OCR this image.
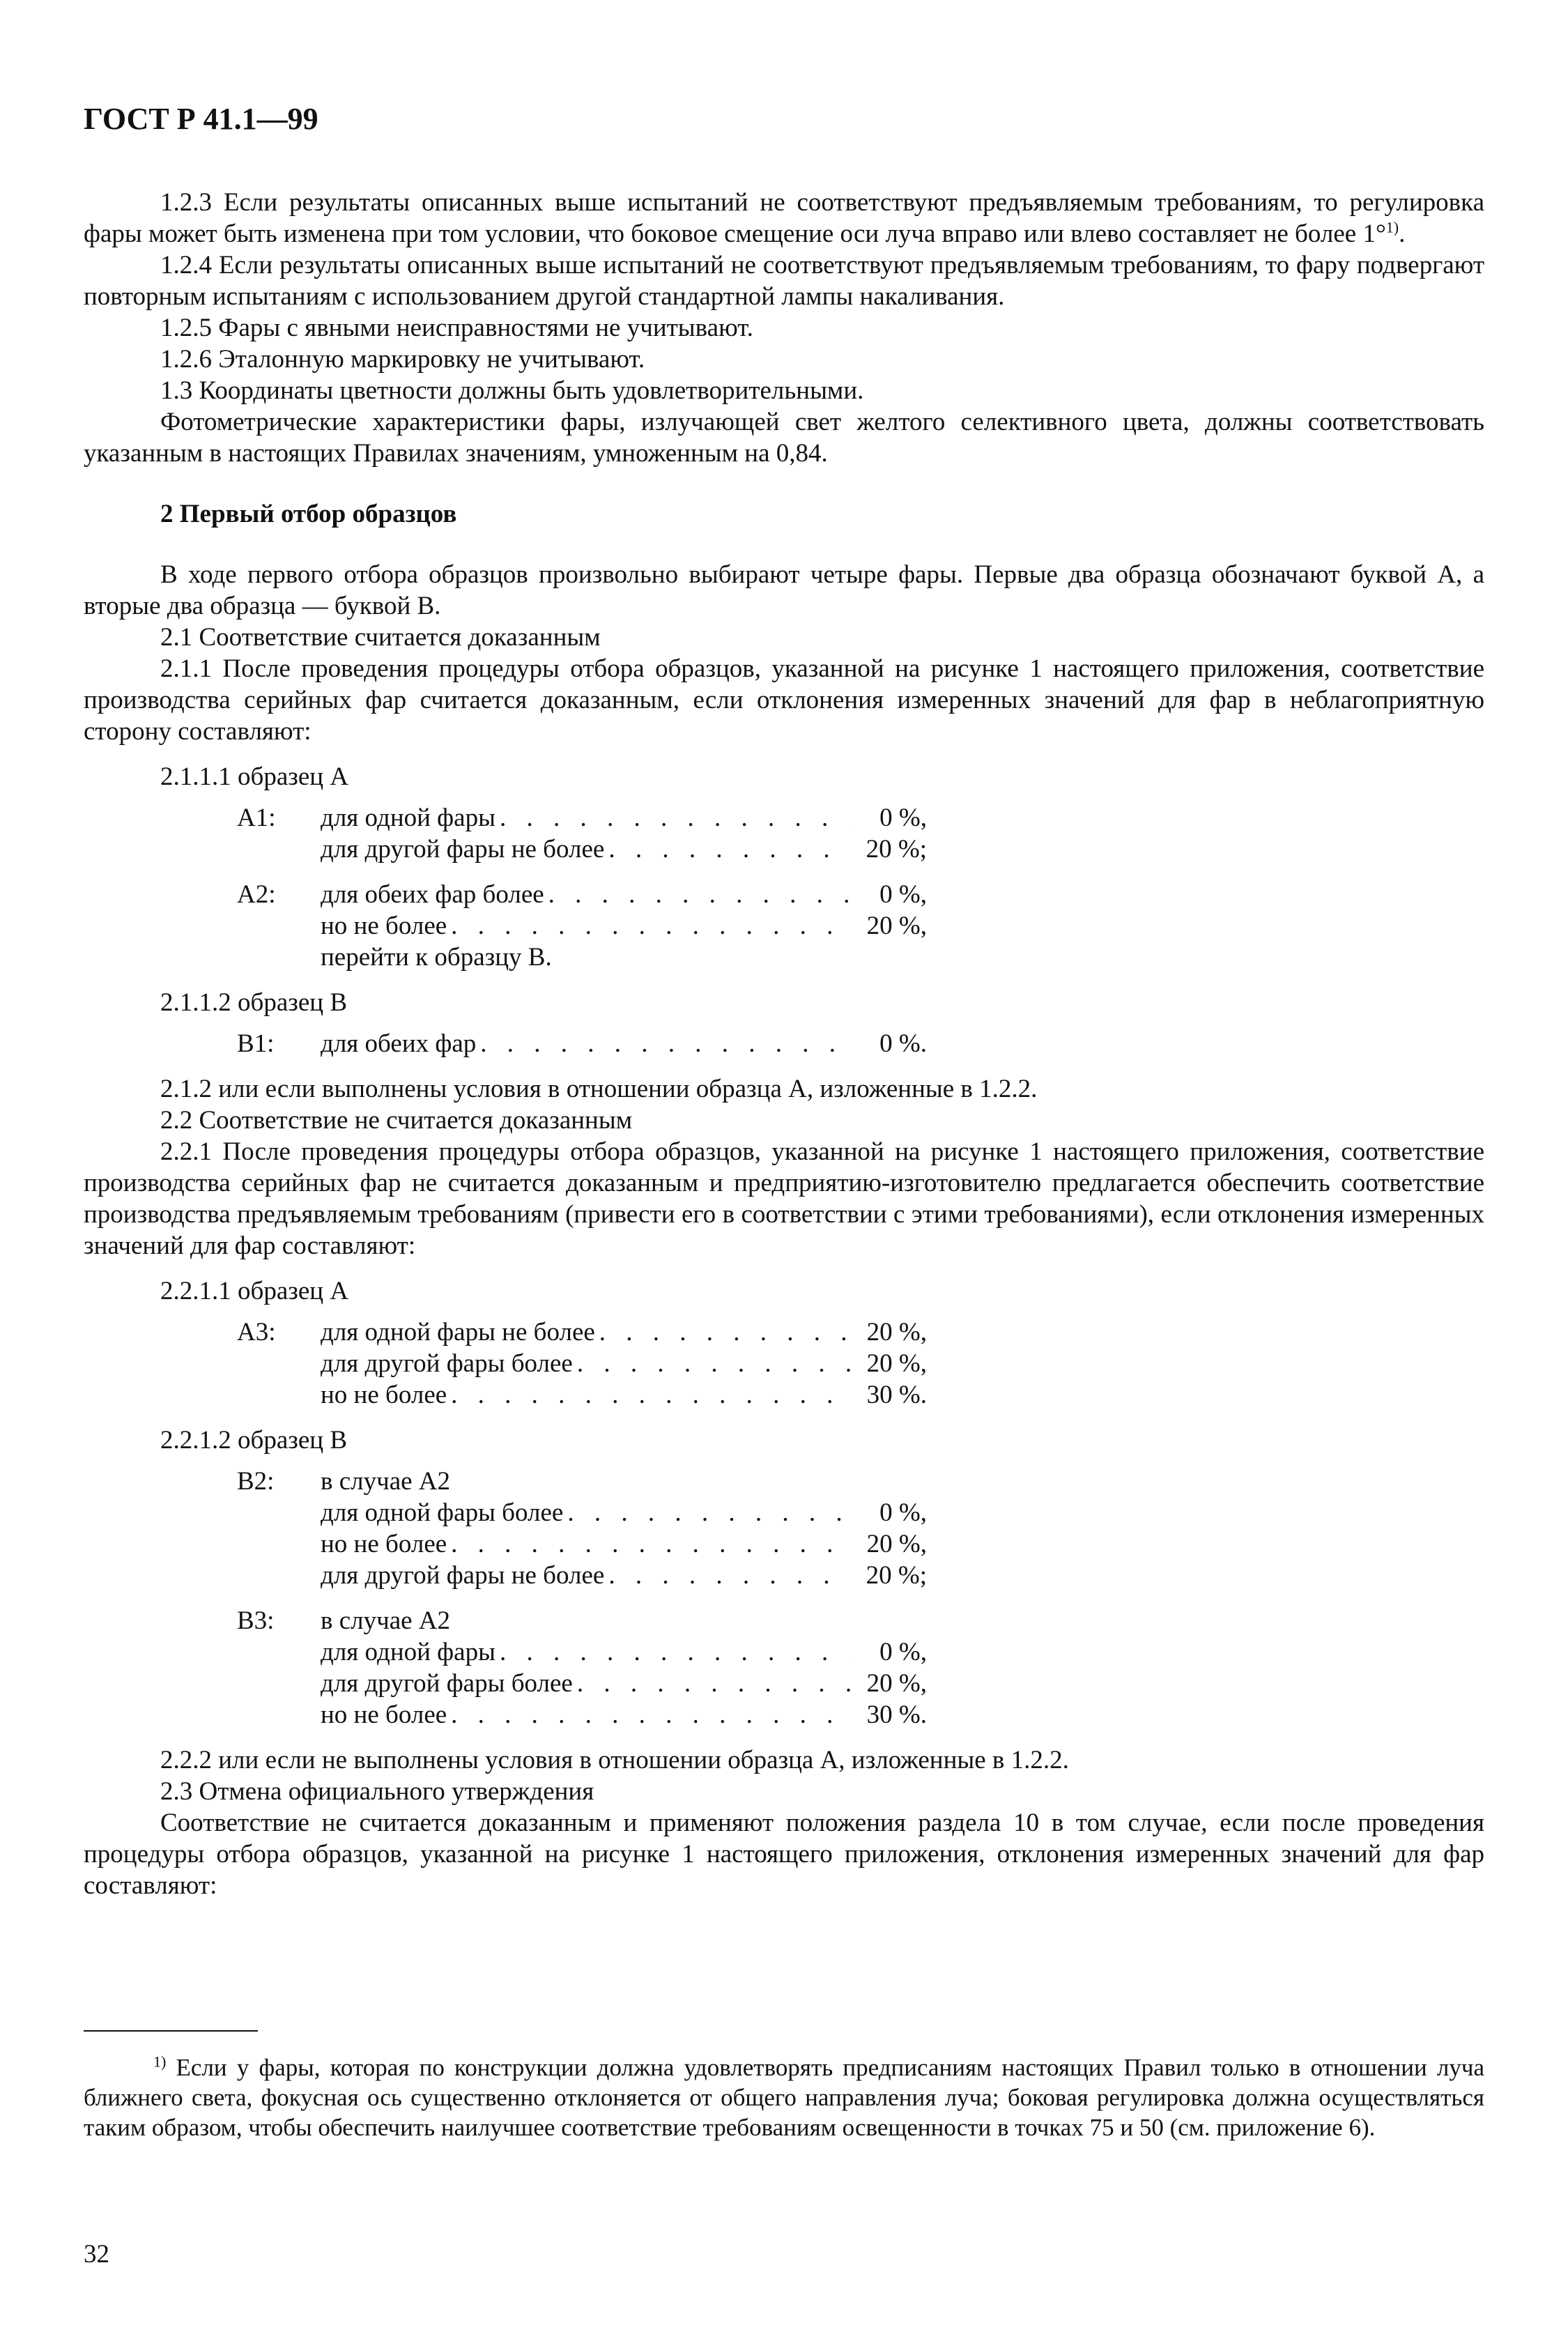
ГОСТ Р 41.1—99

1.2.3 Если результаты описанных выше испытаний не соответствуют предъявляемым требованиям, то регулировка фары может быть изменена при том условии, что боковое смещение оси луча вправо или влево составляет не более 1°$^{1)}$.

1.2.4 Если результаты описанных выше испытаний не соответствуют предъявляемым требованиям, то фару подвергают повторным испытаниям с использованием другой стандартной лампы накаливания.

1.2.5 Фары с явными неисправностями не учитывают.

1.2.6 Эталонную маркировку не учитывают.

1.3 Координаты цветности должны быть удовлетворительными.

Фотометрические характеристики фары, излучающей свет желтого селективного цвета, должны соответствовать указанным в настоящих Правилах значениям, умноженным на 0,84.

2 Первый отбор образцов

В ходе первого отбора образцов произвольно выбирают четыре фары. Первые два образца обозначают буквой А, а вторые два образца — буквой В.

2.1 Соответствие считается доказанным

2.1.1 После проведения процедуры отбора образцов, указанной на рисунке 1 настоящего приложения, соответствие производства серийных фар считается доказанным, если отклонения измеренных значений для фар в неблагоприятную сторону составляют:

2.1.1.1 образец А

А1:	для одной фары . . .	0 %,
для другой фары не более . . .	20 %;
А2:	для обеих фар более . . .	0 %,
но не более . . .	20 %,
перейти к образцу В.

2.1.1.2 образец В

В1:	для обеих фар . . .	0 %.

2.1.2 или если выполнены условия в отношении образца А, изложенные в 1.2.2.

2.2 Соответствие не считается доказанным

2.2.1 После проведения процедуры отбора образцов, указанной на рисунке 1 настоящего приложения, соответствие производства серийных фар не считается доказанным и предприятию-изготовителю предлагается обеспечить соответствие производства предъявляемым требованиям (привести его в соответствии с этими требованиями), если отклонения измеренных значений для фар составляют:

2.2.1.1 образец А

А3:	для одной фары не более . . .	20 %,
для другой фары более . . .	20 %,
но не более . . .	30 %.

2.2.1.2 образец В

В2:	в случае А2
для одной фары более . . .	0 %,
но не более . . .	20 %,
для другой фары не более . . .	20 %;
В3:	в случае А2
для одной фары . . .	0 %,
для другой фары более . . .	20 %,
но не более . . .	30 %.

2.2.2 или если не выполнены условия в отношении образца А, изложенные в 1.2.2.

2.3 Отмена официального утверждения

Соответствие не считается доказанным и применяют положения раздела 10 в том случае, если после проведения процедуры отбора образцов, указанной на рисунке 1 настоящего приложения, отклонения измеренных значений для фар составляют:

$^{1)}$ Если у фары, которая по конструкции должна удовлетворять предписаниям настоящих Правил только в отношении луча ближнего света, фокусная ось существенно отклоняется от общего направления луча; боковая регулировка должна осуществляться таким образом, чтобы обеспечить наилучшее соответствие требованиям освещенности в точках 75 и 50 (см. приложение 6).

32
